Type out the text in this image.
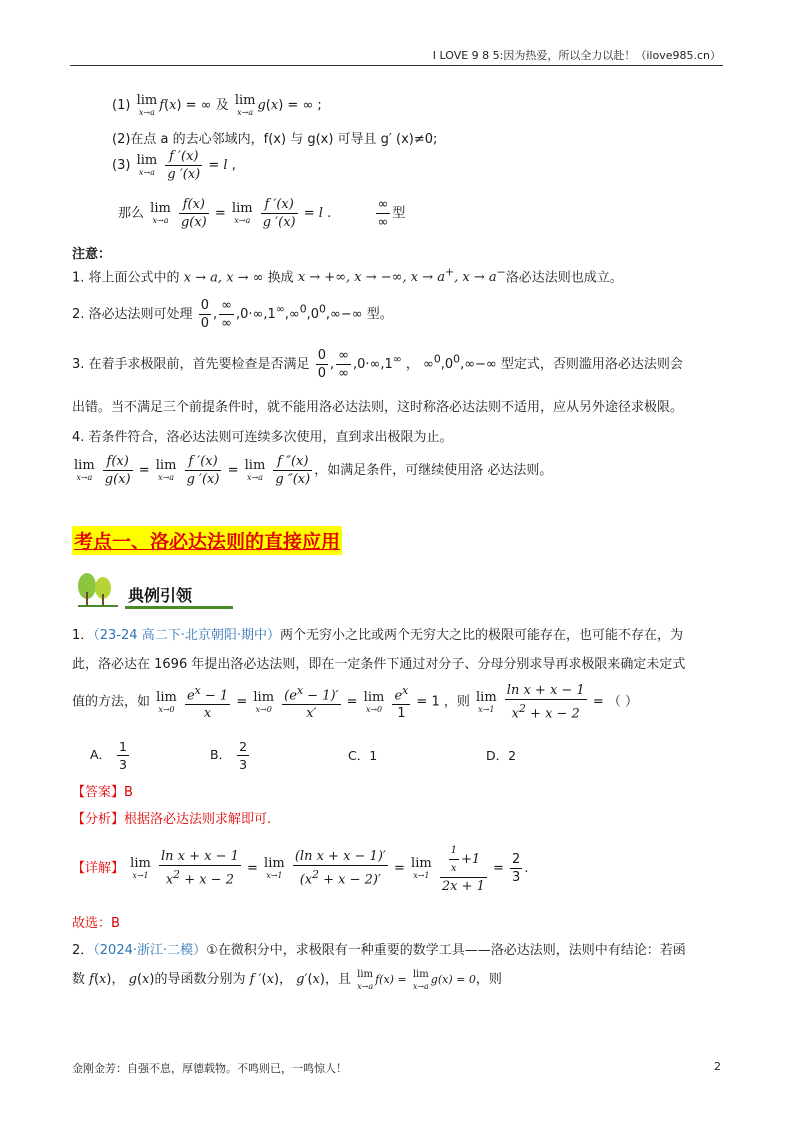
I LOVE 9 8 5:因为热爱，所以全力以赴！（ilove985.cn）
(1) lim
x→a f(x) = ∞ 及 lim
x→a g(x) = ∞ ;
(2)在点 a 的去心邻域内，f(x) 与 g(x) 可导且 g′ (x)≠0;
(3) lim
x→a
$\frac{f '(x)}{g '(x)} = l$ ,
那么 lim
x→a
$\frac{f(x)}{g(x)} = \lim$
x→a
$\frac{f '(x)}{g '(x)} = l$ .	$\frac{\infty}{\infty}$ 型
注意：
1. 将上面公式中的 x → a, x → ∞ 换成 x → +∞, x → −∞, x → a+, x → a−洛必达法则也成立。
2. 洛必达法则可处理 $\frac{0}{0}$ , $\frac{\infty}{\infty} ,0\cdot\infty,1^\infty,\infty^0,0^0,\infty-\infty$ 型。
3. 在着手求极限前，首先要检查是否满足 $\frac{0}{0}$ , $\frac{\infty}{\infty} ,0\cdot\infty,1^\infty$ ， $\infty^0,0^0,\infty-\infty$ 型定式，否则滥用洛必达法则会
出错。当不满足三个前提条件时，就不能用洛必达法则，这时称洛必达法则不适用，应从另外途径求极限。
4. 若条件符合，洛必达法则可连续多次使用，直到求出极限为止。
lim
x→a
$\frac{f(x)}{g(x)} = \lim$
x→a
$\frac{f '(x)}{g '(x)} = \lim$
x→a
$\frac{f ''(x)}{g ''(x)}$ ，如满足条件，可继续使用洛 必达法则。
考点一、洛必达法则的直接应用
典例引领
1．（23-24 高二下·北京朝阳·期中）两个无穷小之比或两个无穷大之比的极限可能存在，也可能不存在，为
此，洛必达在 1696 年提出洛必达法则，即在一定条件下通过对分子、分母分别求导再求极限来确定未定式
值的方法，如 lim
x→0
$\frac{e^x - 1}{x} = \lim$
x→0
$\frac{(e^x - 1)'}{x'} = \lim$
x→0
$\frac{e^x}{1} = 1$ ，则 lim
x→1
$\frac{\text{ln x + x − 1}}{x^2 + x - 2}$ = （ ）
A． $\frac{1}{3}$	B． $\frac{2}{3}$	C．1	D．2
【答案】B
【分析】根据洛必达法则求解即可.
【详解】 lim
x→1
$\frac{\text{ln x + x − 1}}{x^2 + x - 2} = \lim$
x→1
$\frac{\text{(ln x + x − 1)′}}{(x^2 + x - 2)'} = \lim$
x→1
$\frac{\frac{1}{x} +1}{2x + 1} = \frac{2}{3}$ .
故选：B
2．（2024·浙江·二模）①在微积分中，求极限有一种重要的数学工具——洛必达法则，法则中有结论：若函
数 f(x)， g(x)的导函数分别为 f ′(x)， g′(x)，且 lim
x→a
f(x) = lim
x→a
g(x) = 0，则
金刚金芳：自强不息，厚德载物。不鸣则已，一鸣惊人！	2
